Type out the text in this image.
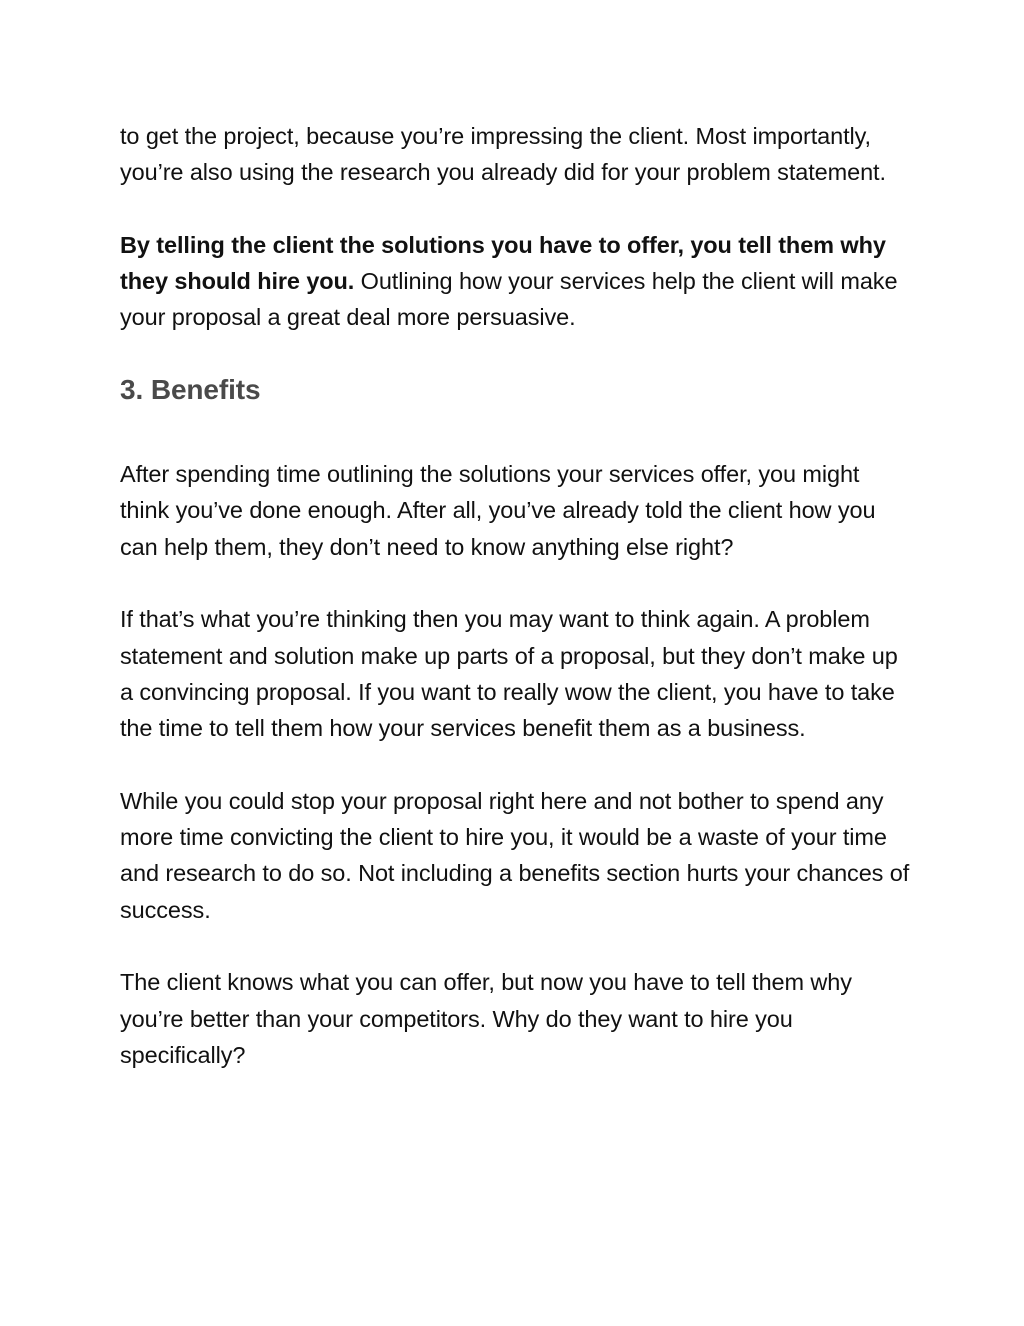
to get the project, because you’re impressing the client. Most importantly, you’re also using the research you already did for your problem statement.

By telling the client the solutions you have to offer, you tell them why they should hire you. Outlining how your services help the client will make your proposal a great deal more persuasive.

3. Benefits

After spending time outlining the solutions your services offer, you might think you’ve done enough. After all, you’ve already told the client how you can help them, they don’t need to know anything else right?

If that’s what you’re thinking then you may want to think again. A problem statement and solution make up parts of a proposal, but they don’t make up a convincing proposal. If you want to really wow the client, you have to take the time to tell them how your services benefit them as a business.

While you could stop your proposal right here and not bother to spend any more time convicting the client to hire you, it would be a waste of your time and research to do so. Not including a benefits section hurts your chances of success.

The client knows what you can offer, but now you have to tell them why you’re better than your competitors. Why do they want to hire you specifically?
